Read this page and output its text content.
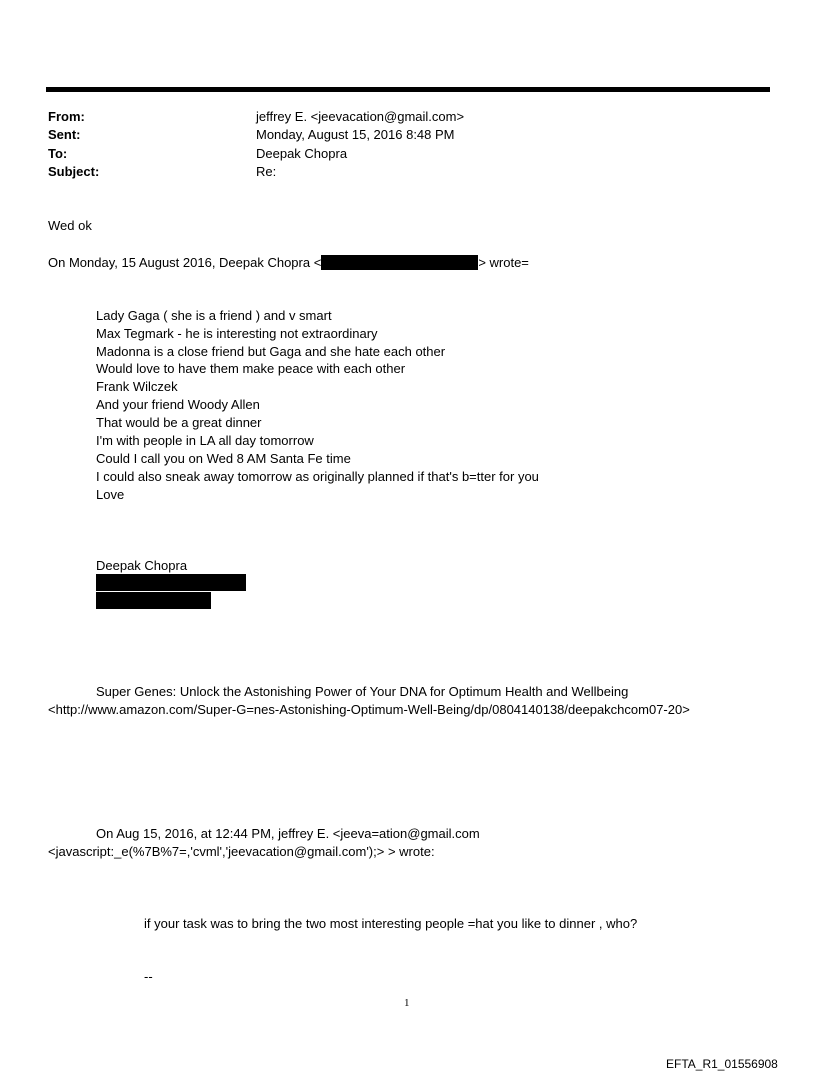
From:	jeffrey E. <jeevacation@gmail.com>
Sent:	Monday, August 15, 2016 8:48 PM
To:	Deepak Chopra
Subject:	Re:
Wed ok
On Monday, 15 August 2016, Deepak Chopra <	> wrote=
Lady Gaga ( she is a friend ) and v smart
Max Tegmark - he is interesting not extraordinary
Madonna is a close friend but Gaga and she hate each other
Would love to have them make peace with each other
Frank Wilczek
And your friend Woody Allen
That would be a great dinner
I'm with people in LA all day tomorrow
Could I call you on Wed 8 AM Santa Fe time
I could also sneak away tomorrow as originally planned if that's b=tter for you
Love
Deepak Chopra
Super Genes: Unlock the Astonishing Power of Your DNA for Optimum Health and Wellbeing
<http://www.amazon.com/Super-G=nes-Astonishing-Optimum-Well-Being/dp/0804140138/deepakchcom07-20>
On Aug 15, 2016, at 12:44 PM, jeffrey E. <jeeva=ation@gmail.com
<javascript:_e(%7B%7=,'cvml','jeevacation@gmail.com');> > wrote:
if your task was to bring the two most interesting people =hat you like to dinner , who?
--
1
EFTA_R1_01556908
